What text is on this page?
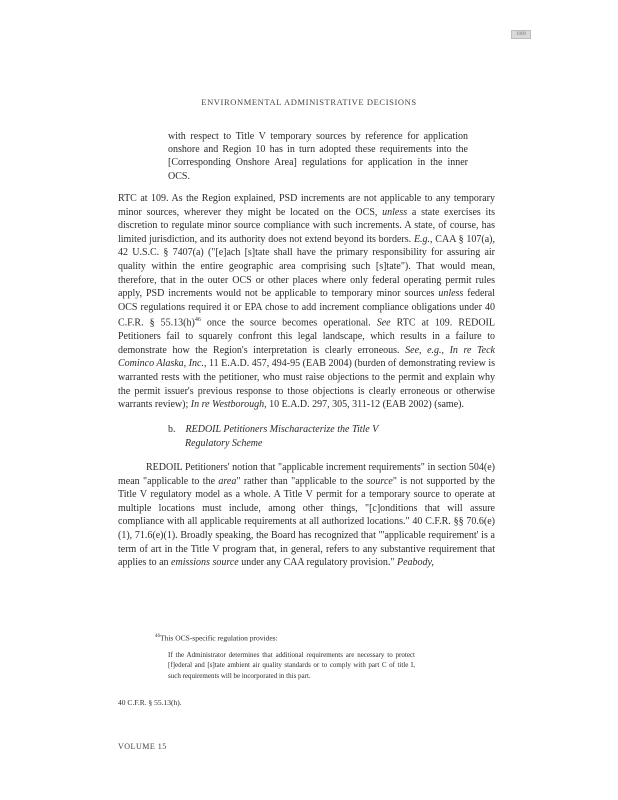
1000
ENVIRONMENTAL ADMINISTRATIVE DECISIONS
with respect to Title V temporary sources by reference for application onshore and Region 10 has in turn adopted these requirements into the [Corresponding Onshore Area] regulations for application in the inner OCS.

RTC at 109. As the Region explained, PSD increments are not applicable to any temporary minor sources, wherever they might be located on the OCS, unless a state exercises its discretion to regulate minor source compliance with such increments. A state, of course, has limited jurisdiction, and its authority does not extend beyond its borders. E.g., CAA § 107(a), 42 U.S.C. § 7407(a) ("[e]ach [s]tate shall have the primary responsibility for assuring air quality within the entire geographic area comprising such [s]tate"). That would mean, therefore, that in the outer OCS or other places where only federal operating permit rules apply, PSD increments would not be applicable to temporary minor sources unless federal OCS regulations required it or EPA chose to add increment compliance obligations under 40 C.F.R. § $55.13(h)^{46}$ once the source becomes operational. See RTC at 109. REDOIL Petitioners fail to squarely confront this legal landscape, which results in a failure to demonstrate how the Region's interpretation is clearly erroneous. See, e.g., In re Teck Cominco Alaska, Inc., 11 E.A.D. 457, 494-95 (EAB 2004) (burden of demonstrating review is warranted rests with the petitioner, who must raise objections to the permit and explain why the permit issuer's previous response to those objections is clearly erroneous or otherwise warrants review); In re Westborough, 10 E.A.D. 297, 305, 311-12 (EAB 2002) (same).

b. REDOIL Petitioners Mischaracterize the Title V
Regulatory Scheme

REDOIL Petitioners' notion that "applicable increment requirements" in section 504(e) mean "applicable to the area" rather than "applicable to the source" is not supported by the Title V regulatory model as a whole. A Title V permit for a temporary source to operate at multiple locations must include, among other things, "[c]onditions that will assure compliance with all applicable requirements at all authorized locations." 40 C.F.R. §§ 70.6(e)(1), 71.6(e)(1). Broadly speaking, the Board has recognized that "'applicable requirement' is a term of art in the Title V program that, in general, refers to any substantive requirement that applies to an emissions source under any CAA regulatory provision." Peabody,

$^{46}$This OCS-specific regulation provides:
If the Administrator determines that additional requirements are necessary to protect [f]ederal and [s]tate ambient air quality standards or to comply with part C of title I, such requirements will be incorporated in this part.
40 C.F.R. § 55.13(h).
VOLUME 15
